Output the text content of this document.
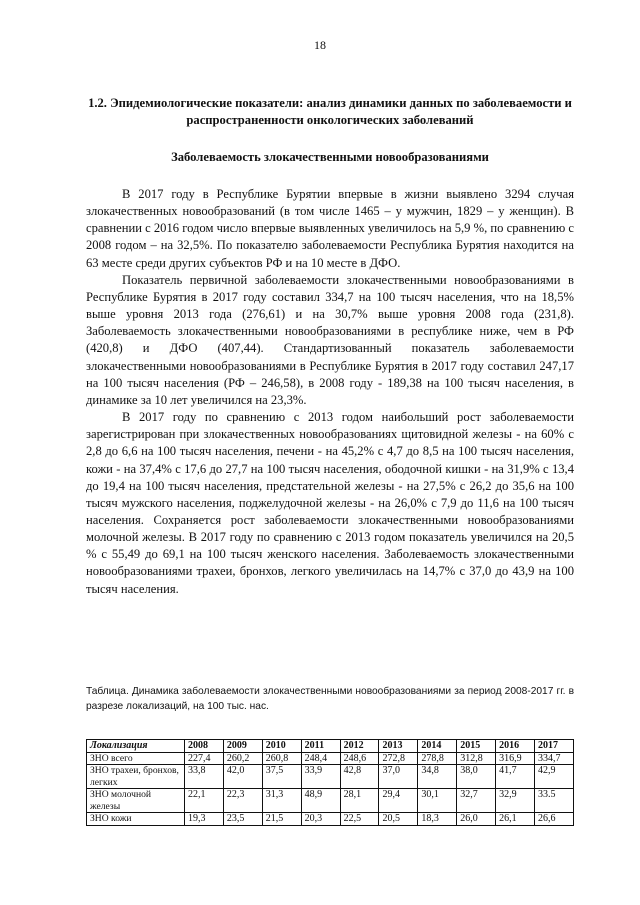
18
1.2. Эпидемиологические показатели: анализ динамики данных по заболеваемости и распространенности онкологических заболеваний
Заболеваемость злокачественными новообразованиями

В 2017 году в Республике Бурятии впервые в жизни выявлено 3294 случая злокачественных новообразований (в том числе 1465 – у мужчин, 1829 – у женщин). В сравнении с 2016 годом число впервые выявленных увеличилось на 5,9 %, по сравнению с 2008 годом – на 32,5%. По показателю заболеваемости Республика Бурятия находится на 63 месте среди других субъектов РФ и на 10 месте в ДФО.

Показатель первичной заболеваемости злокачественными новообразованиями в Республике Бурятия в 2017 году составил 334,7 на 100 тысяч населения, что на 18,5% выше уровня 2013 года (276,61) и на 30,7% выше уровня 2008 года (231,8). Заболеваемость злокачественными новообразованиями в республике ниже, чем в РФ (420,8) и ДФО (407,44). Стандартизованный показатель заболеваемости злокачественными новообразованиями в Республике Бурятия в 2017 году составил 247,17 на 100 тысяч населения (РФ – 246,58), в 2008 году - 189,38 на 100 тысяч населения, в динамике за 10 лет увеличился на 23,3%.

В 2017 году по сравнению с 2013 годом наибольший рост заболеваемости зарегистрирован при злокачественных новообразованиях щитовидной железы - на 60% с 2,8 до 6,6 на 100 тысяч населения, печени - на 45,2% с 4,7 до 8,5 на 100 тысяч населения, кожи - на 37,4% с 17,6 до 27,7 на 100 тысяч населения, ободочной кишки - на 31,9% с 13,4 до 19,4 на 100 тысяч населения, предстательной железы - на 27,5% с 26,2 до 35,6 на 100 тысяч мужского населения, поджелудочной железы - на 26,0% с 7,9 до 11,6 на 100 тысяч населения. Сохраняется рост заболеваемости злокачественными новообразованиями молочной железы. В 2017 году по сравнению с 2013 годом показатель увеличился на 20,5 % с 55,49 до 69,1 на 100 тысяч женского населения. Заболеваемость злокачественными новообразованиями трахеи, бронхов, легкого увеличилась на 14,7% с 37,0 до 43,9 на 100 тысяч населения.

Таблица. Динамика заболеваемости злокачественными новообразованиями за период 2008-2017 гг. в разрезе локализаций, на 100 тыс. нас.
Локализация	2008	2009	2010	2011	2012	2013	2014	2015	2016	2017
ЗНО всего	227,4	260,2	260,8	248,4	248,6	272,8	278,8	312,8	316,9	334,7
ЗНО трахеи, бронхов, легких	33,8	42,0	37,5	33,9	42,8	37,0	34,8	38,0	41,7	42,9
ЗНО молочной железы	22,1	22,3	31,3	48,9	28,1	29,4	30,1	32,7	32,9	33.5
ЗНО кожи	19,3	23,5	21,5	20,3	22,5	20,5	18,3	26,0	26,1	26,6
